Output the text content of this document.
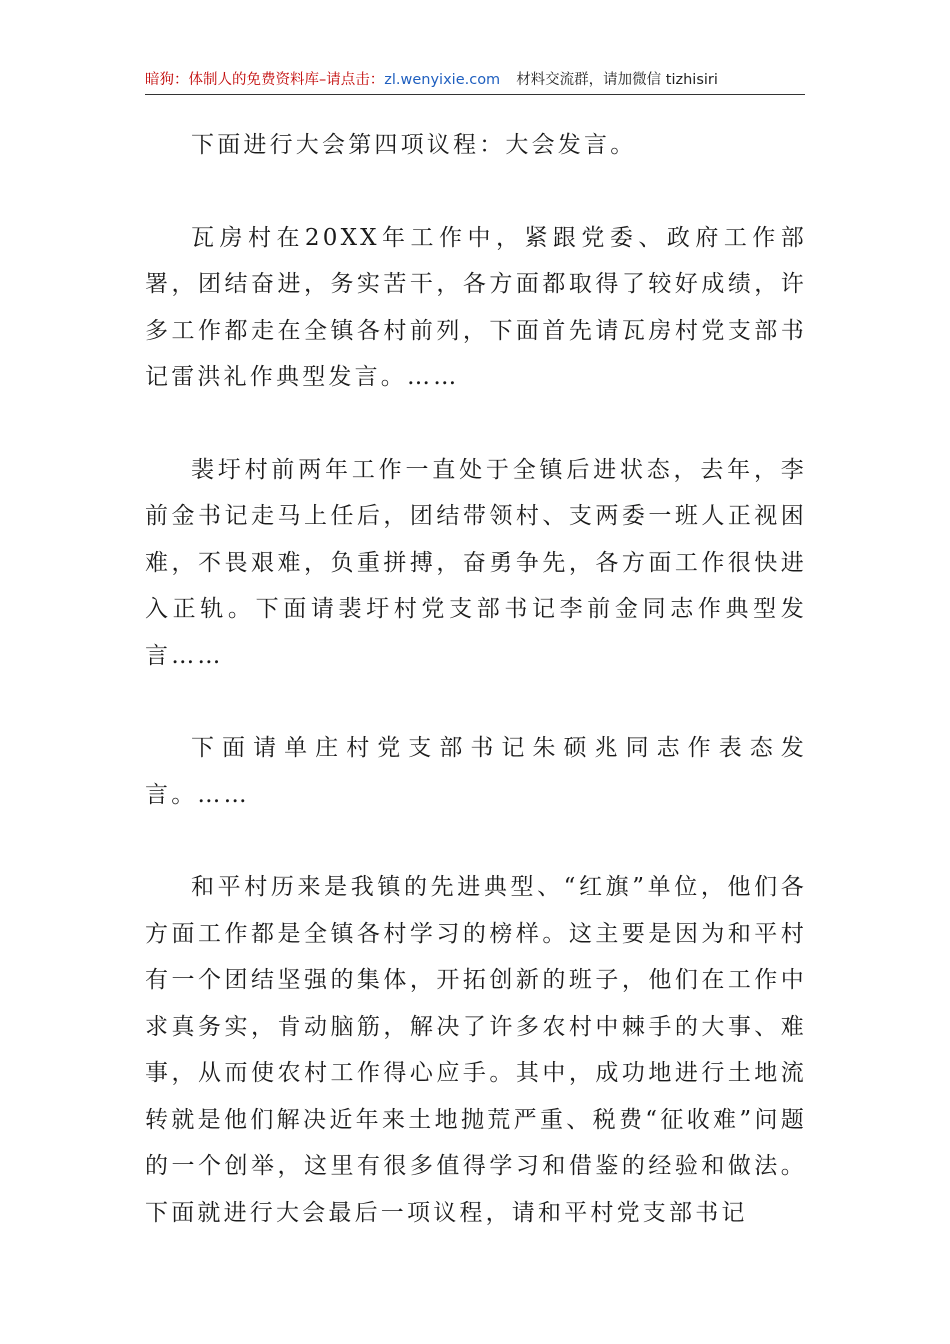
暗狗：体制人的免费资料库–请点击：zl.wenyixie.com 材料交流群，请加微信 tizhisiri

下面进行大会第四项议程：大会发言。

瓦房村在20XX年工作中，紧跟党委、政府工作部署，团结奋进，务实苦干，各方面都取得了较好成绩，许多工作都走在全镇各村前列，下面首先请瓦房村党支部书记雷洪礼作典型发言。……

裴圩村前两年工作一直处于全镇后进状态，去年，李前金书记走马上任后，团结带领村、支两委一班人正视困难，不畏艰难，负重拼搏，奋勇争先，各方面工作很快进入正轨。下面请裴圩村党支部书记李前金同志作典型发言……

下面请单庄村党支部书记朱硕兆同志作表态发言。……

和平村历来是我镇的先进典型、“红旗”单位，他们各方面工作都是全镇各村学习的榜样。这主要是因为和平村有一个团结坚强的集体，开拓创新的班子，他们在工作中求真务实，肯动脑筋，解决了许多农村中棘手的大事、难事，从而使农村工作得心应手。其中，成功地进行土地流转就是他们解决近年来土地抛荒严重、税费“征收难”问题的一个创举，这里有很多值得学习和借鉴的经验和做法。下面就进行大会最后一项议程，请和平村党支部书记
